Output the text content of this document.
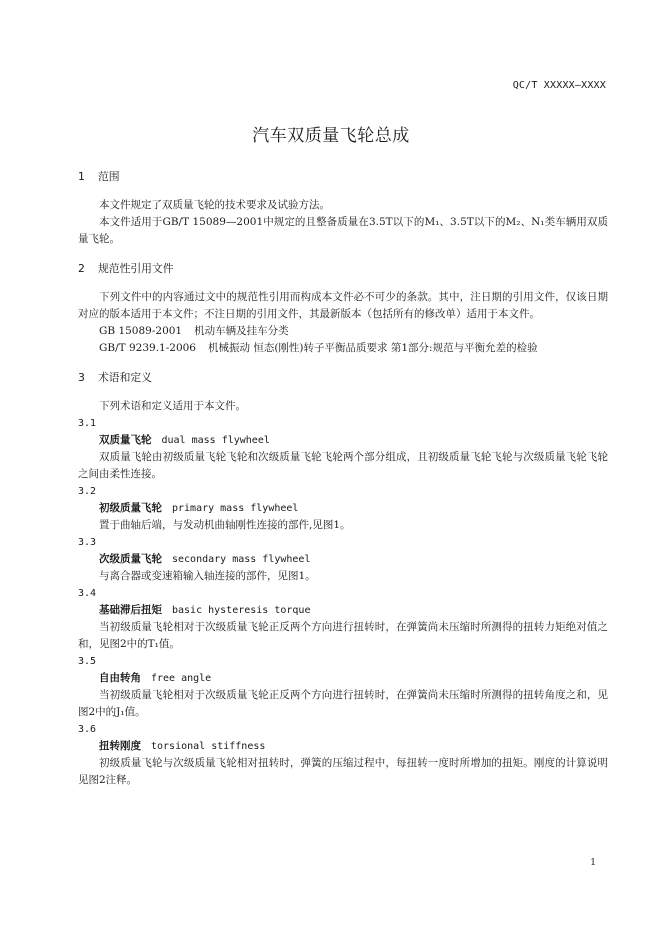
QC/T XXXXX—XXXX
汽车双质量飞轮总成
1 范围
本文件规定了双质量飞轮的技术要求及试验方法。
本文件适用于GB/T 15089—2001中规定的且整备质量在3.5T以下的M₁、3.5T以下的M₂、N₁类车辆用双质量飞轮。
2 规范性引用文件
下列文件中的内容通过文中的规范性引用而构成本文件必不可少的条款。其中，注日期的引用文件，仅该日期对应的版本适用于本文件；不注日期的引用文件，其最新版本（包括所有的修改单）适用于本文件。
GB 15089-2001 机动车辆及挂车分类
GB/T 9239.1-2006 机械振动 恒态(刚性)转子平衡品质要求 第1部分:规范与平衡允差的检验
3 术语和定义
下列术语和定义适用于本文件。
3.1
双质量飞轮 dual mass flywheel
双质量飞轮由初级质量飞轮飞轮和次级质量飞轮飞轮两个部分组成，且初级质量飞轮飞轮与次级质量飞轮飞轮之间由柔性连接。
3.2
初级质量飞轮 primary mass flywheel
置于曲轴后端，与发动机曲轴刚性连接的部件,见图1。
3.3
次级质量飞轮 secondary mass flywheel
与离合器或变速箱输入轴连接的部件，见图1。
3.4
基础滞后扭矩 basic hysteresis torque
当初级质量飞轮相对于次级质量飞轮正反两个方向进行扭转时，在弹簧尚未压缩时所测得的扭转力矩绝对值之和，见图2中的T₁值。
3.5
自由转角 free angle
当初级质量飞轮相对于次级质量飞轮正反两个方向进行扭转时，在弹簧尚未压缩时所测得的扭转角度之和，见图2中的J₁值。
3.6
扭转刚度 torsional stiffness
初级质量飞轮与次级质量飞轮相对扭转时，弹簧的压缩过程中，每扭转一度时所增加的扭矩。刚度的计算说明见图2注释。
1
